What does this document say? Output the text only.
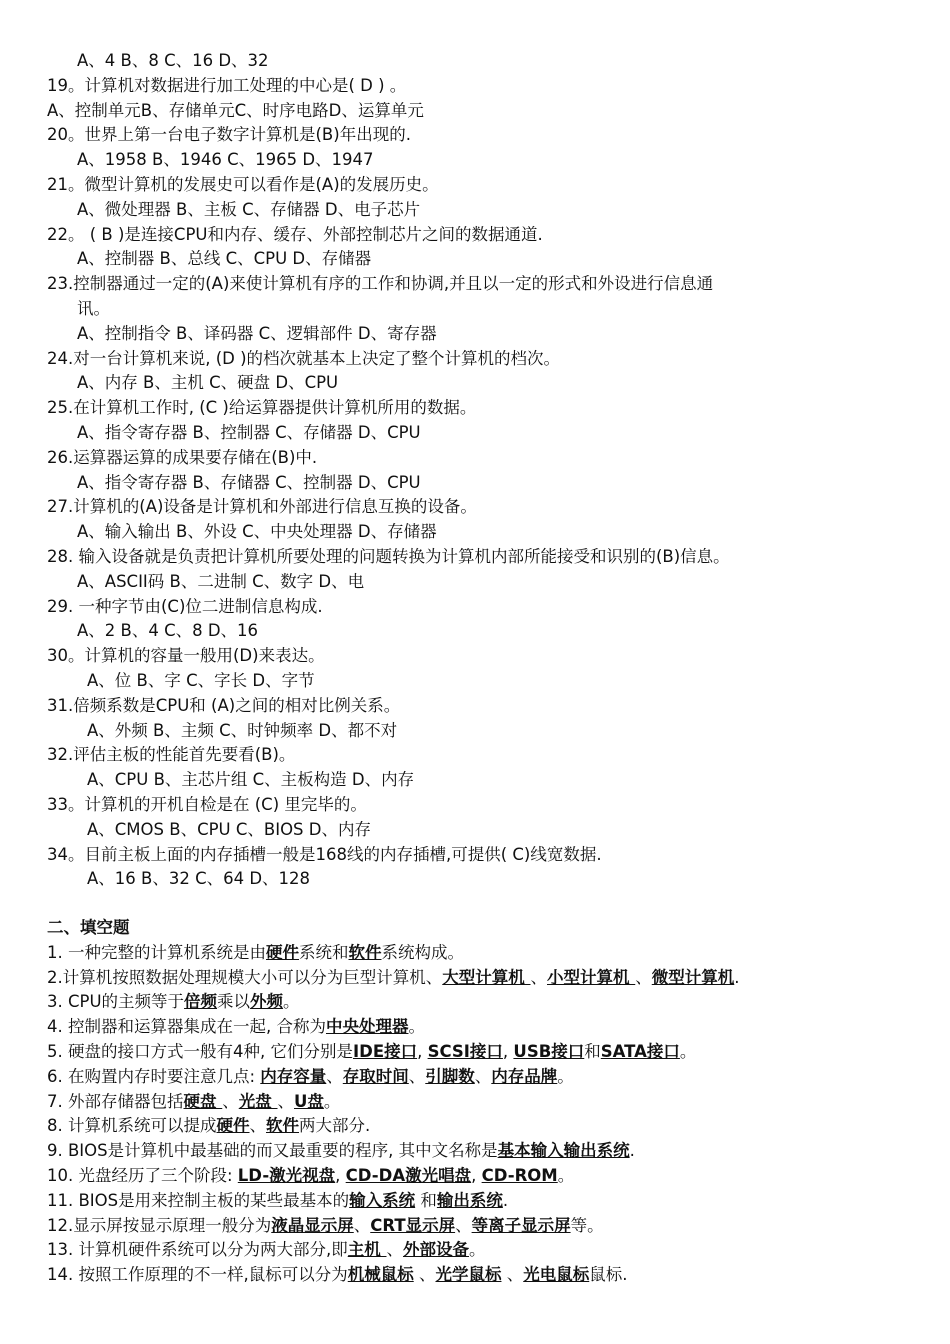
A、4 B、8 C、16 D、32
19。计算机对数据进行加工处理的中心是( D ) 。
A、控制单元B、存储单元C、时序电路D、运算单元
20。世界上第一台电子数字计算机是(B)年出现的.
A、1958 B、1946 C、1965 D、1947
21。微型计算机的发展史可以看作是(A)的发展历史。
A、微处理器 B、主板 C、存储器 D、电子芯片
22。 ( B )是连接CPU和内存、缓存、外部控制芯片之间的数据通道.
A、控制器 B、总线 C、CPU D、存储器
23.控制器通过一定的(A)来使计算机有序的工作和协调,并且以一定的形式和外设进行信息通
讯。
A、控制指令 B、译码器 C、逻辑部件 D、寄存器
24.对一台计算机来说, (D )的档次就基本上决定了整个计算机的档次。
A、内存 B、主机 C、硬盘 D、CPU
25.在计算机工作时, (C )给运算器提供计算机所用的数据。
A、指令寄存器 B、控制器 C、存储器 D、CPU
26.运算器运算的成果要存储在(B)中.
A、指令寄存器 B、存储器 C、控制器 D、CPU
27.计算机的(A)设备是计算机和外部进行信息互换的设备。
A、输入输出 B、外设 C、中央处理器 D、存储器
28. 输入设备就是负责把计算机所要处理的问题转换为计算机内部所能接受和识别的(B)信息。
A、ASCII码 B、二进制 C、数字 D、电
29. 一种字节由(C)位二进制信息构成.
A、2 B、4 C、8 D、16
30。计算机的容量一般用(D)来表达。
A、位 B、字 C、字长 D、字节
31.倍频系数是CPU和 (A)之间的相对比例关系。
A、外频 B、主频 C、时钟频率 D、都不对
32.评估主板的性能首先要看(B)。
A、CPU B、主芯片组 C、主板构造 D、内存
33。计算机的开机自检是在 (C) 里完毕的。
A、CMOS B、CPU C、BIOS D、内存
34。目前主板上面的内存插槽一般是168线的内存插槽,可提供( C)线宽数据.
A、16 B、32 C、64 D、128
二、填空题
1. 一种完整的计算机系统是由硬件系统和软件系统构成。
2.计算机按照数据处理规模大小可以分为巨型计算机、大型计算机 、小型计算机 、微型计算机.
3. CPU的主频等于倍频乘以外频。
4. 控制器和运算器集成在一起, 合称为中央处理器。
5. 硬盘的接口方式一般有4种, 它们分别是IDE接口, SCSI接口, USB接口和SATA接口。
6. 在购置内存时要注意几点: 内存容量、存取时间、引脚数、内存品牌。
7. 外部存储器包括硬盘 、光盘 、U盘。
8. 计算机系统可以提成硬件、软件两大部分.
9. BIOS是计算机中最基础的而又最重要的程序, 其中文名称是基本输入输出系统.
10. 光盘经历了三个阶段: LD-激光视盘, CD-DA激光唱盘, CD-ROM。
11. BIOS是用来控制主板的某些最基本的输入系统 和输出系统.
12.显示屏按显示原理一般分为液晶显示屏、CRT显示屏、等离子显示屏等。
13. 计算机硬件系统可以分为两大部分,即主机 、外部设备。
14. 按照工作原理的不一样,鼠标可以分为机械鼠标 、光学鼠标 、光电鼠标鼠标.
